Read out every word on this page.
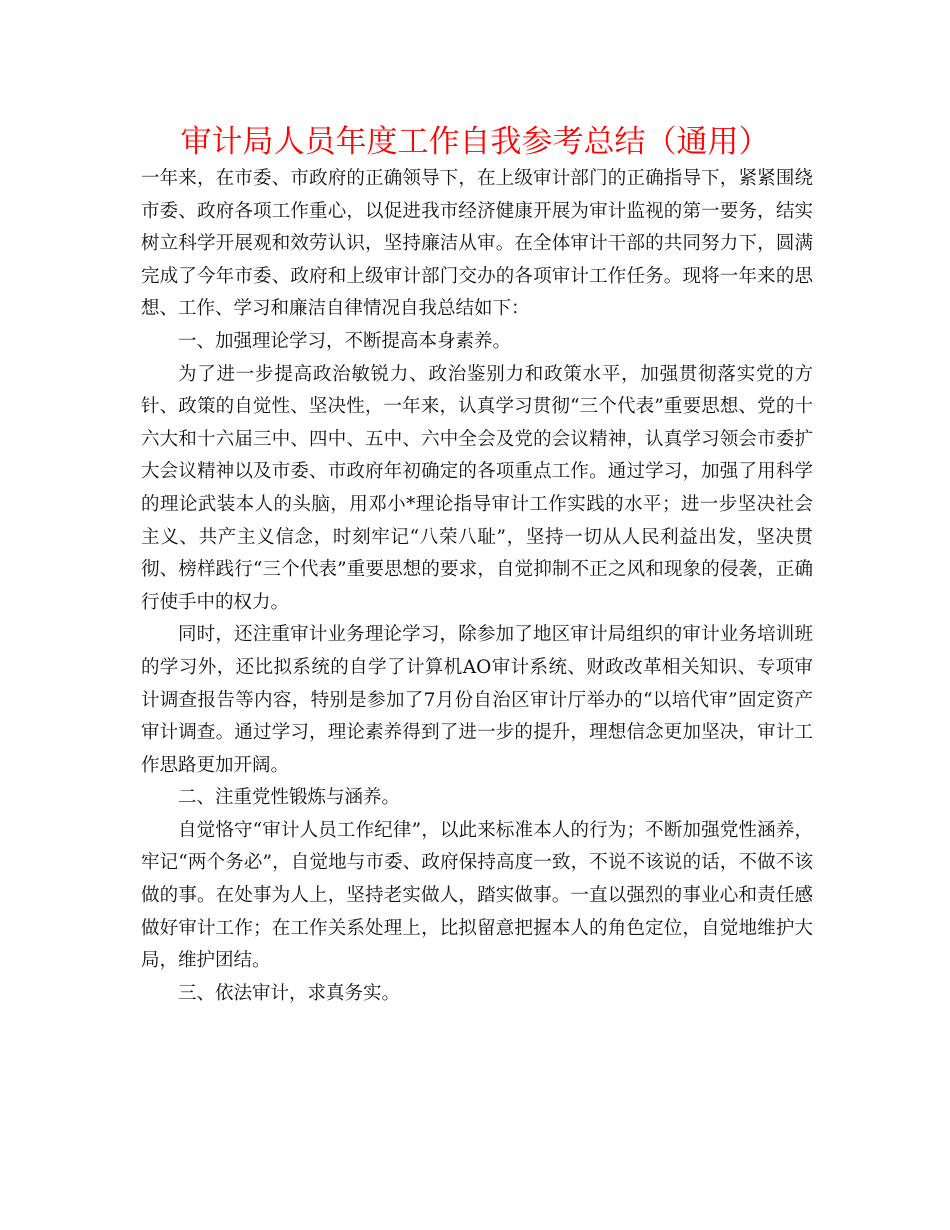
审计局人员年度工作自我参考总结（通用）

一年来，在市委、市政府的正确领导下，在上级审计部门的正确指导下，紧紧围绕市委、政府各项工作重心，以促进我市经济健康开展为审计监视的第一要务，结实树立科学开展观和效劳认识，坚持廉洁从审。在全体审计干部的共同努力下，圆满完成了今年市委、政府和上级审计部门交办的各项审计工作任务。现将一年来的思想、工作、学习和廉洁自律情况自我总结如下：

一、加强理论学习，不断提高本身素养。

为了进一步提高政治敏锐力、政治鉴别力和政策水平，加强贯彻落实党的方针、政策的自觉性、坚决性，一年来，认真学习贯彻“三个代表”重要思想、党的十六大和十六届三中、四中、五中、六中全会及党的会议精神，认真学习领会市委扩大会议精神以及市委、市政府年初确定的各项重点工作。通过学习，加强了用科学的理论武装本人的头脑，用邓小*理论指导审计工作实践的水平；进一步坚决社会主义、共产主义信念，时刻牢记“八荣八耻”，坚持一切从人民利益出发，坚决贯彻、榜样践行“三个代表”重要思想的要求，自觉抑制不正之风和现象的侵袭，正确行使手中的权力。

同时，还注重审计业务理论学习，除参加了地区审计局组织的审计业务培训班的学习外，还比拟系统的自学了计算机AO审计系统、财政改革相关知识、专项审计调查报告等内容，特别是参加了7月份自治区审计厅举办的“以培代审”固定资产审计调查。通过学习，理论素养得到了进一步的提升，理想信念更加坚决，审计工作思路更加开阔。

二、注重党性锻炼与涵养。

自觉恪守“审计人员工作纪律”，以此来标准本人的行为；不断加强党性涵养，牢记“两个务必”，自觉地与市委、政府保持高度一致，不说不该说的话，不做不该做的事。在处事为人上，坚持老实做人，踏实做事。一直以强烈的事业心和责任感做好审计工作；在工作关系处理上，比拟留意把握本人的角色定位，自觉地维护大局，维护团结。

三、依法审计，求真务实。
